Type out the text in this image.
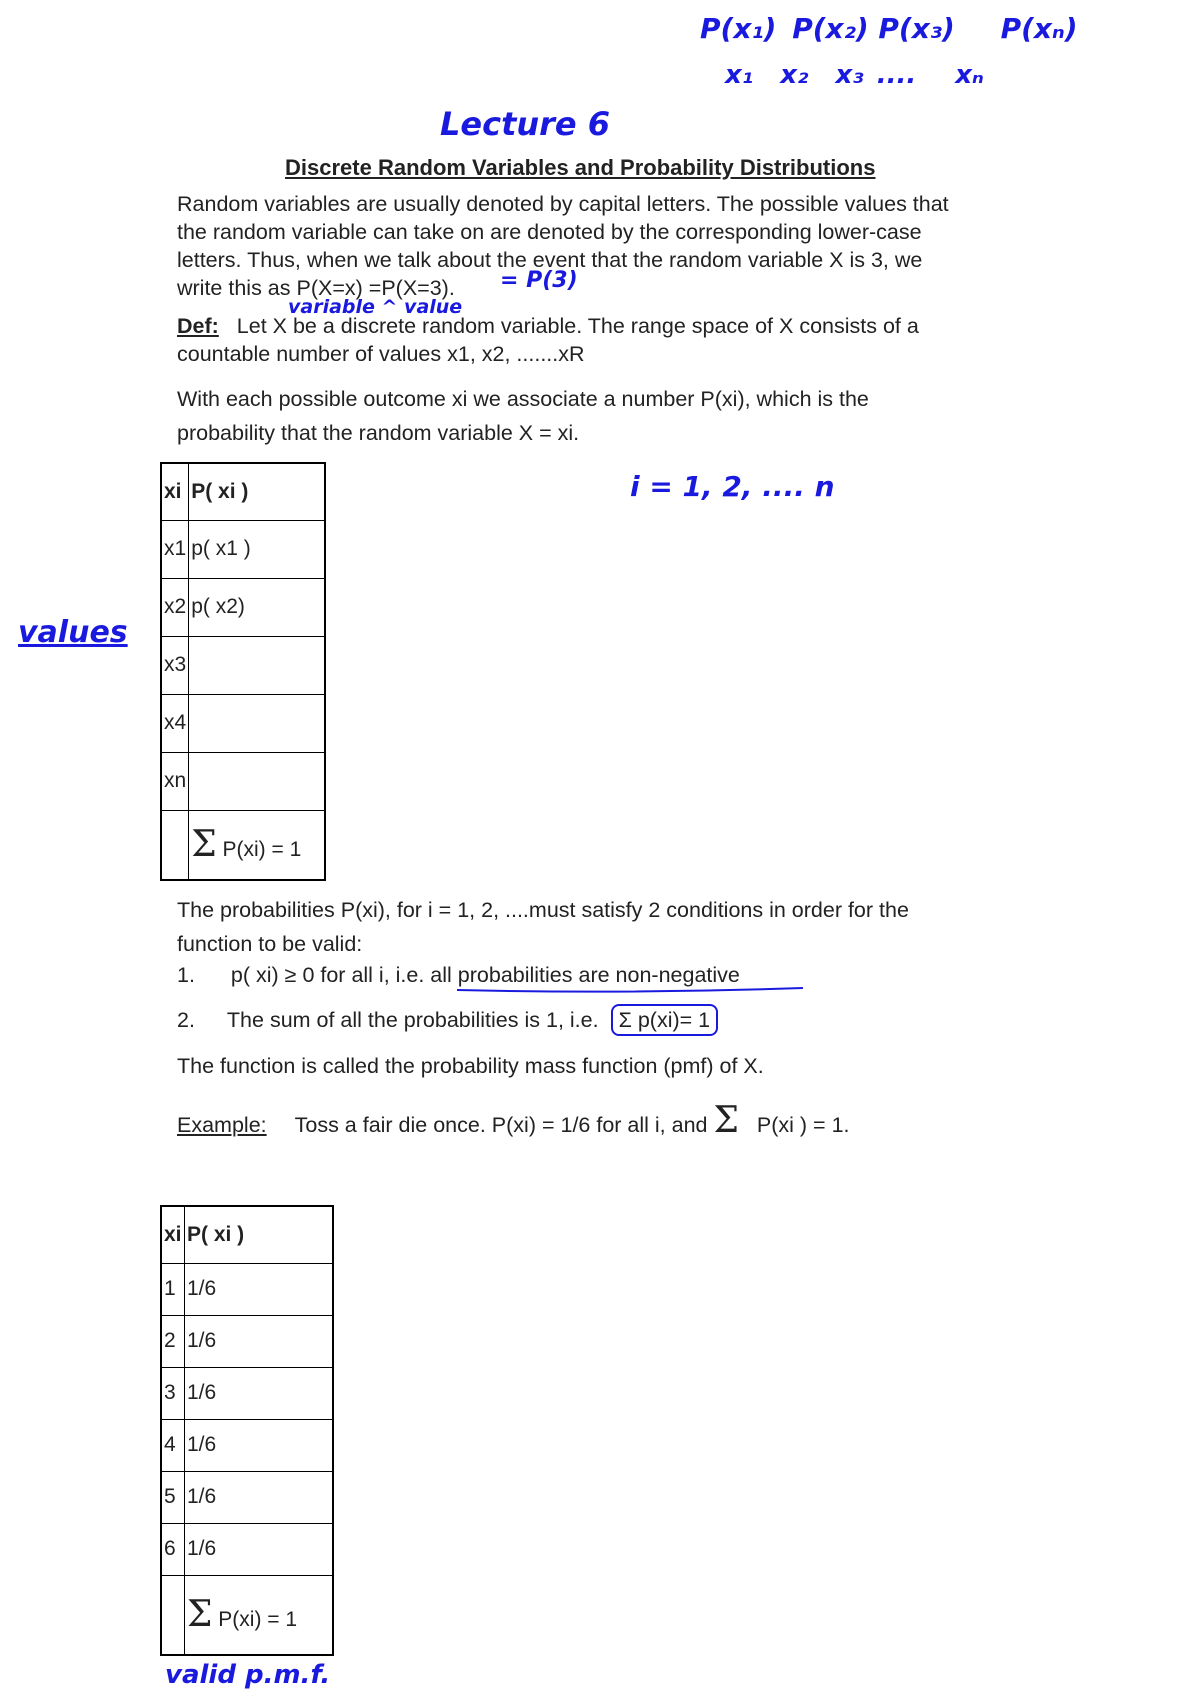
P(x₁) P(x₂) P(x₃) P(xₙ)
x₁ x₂ x₃ .... xₙ
Lecture 6
Discrete Random Variables and Probability Distributions
Random variables are usually denoted by capital letters. The possible values that
the random variable can take on are denoted by the corresponding lower-case
letters. Thus, when we talk about the event that the random variable X is 3, we
write this as P(X=x) =P(X=3).	= P(3)
variable ^ value
Def: Let X be a discrete random variable. The range space of X consists of a
countable number of values x1, x2, .......xR
With each possible outcome xi we associate a number P(xi), which is the
probability that the random variable X = xi.
i = 1, 2, .... n
xi	P( xi )
x1	p( x1 )
x2	p( x2)
x3	
x4	
xn	
	Σ P(xi) = 1
values
The probabilities P(xi), for i = 1, 2, ....must satisfy 2 conditions in order for the
function to be valid:
1. p( xi) ≥ 0 for all i, i.e. all probabilities are non-negative
2. The sum of all the probabilities is 1, i.e. Σ p(xi)= 1
The function is called the probability mass function (pmf) of X.
Example: Toss a fair die once. P(xi) = 1/6 for all i, and Σ P(xi ) = 1.
xi	P( xi )
1	1/6
2	1/6
3	1/6
4	1/6
5	1/6
6	1/6
	Σ P(xi) = 1
valid p.m.f.
